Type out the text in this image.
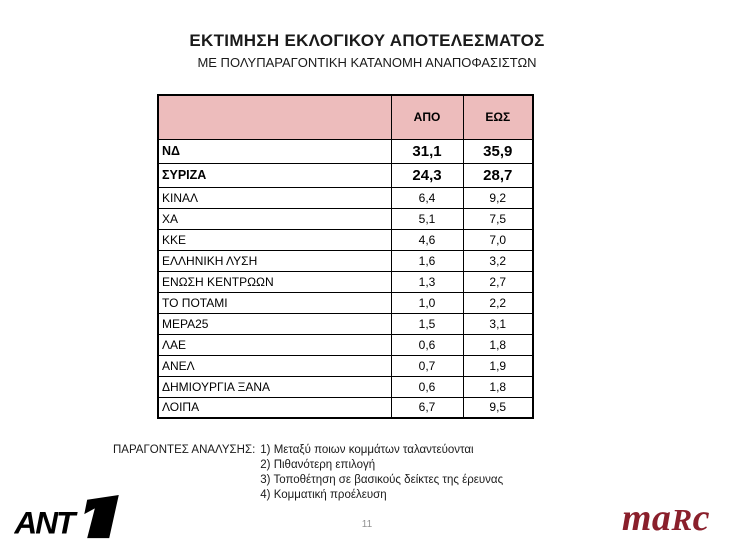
ΕΚΤΙΜΗΣΗ ΕΚΛΟΓΙΚΟΥ ΑΠΟΤΕΛΕΣΜΑΤΟΣ
ΜΕ ΠΟΛΥΠΑΡΑΓΟΝΤΙΚΗ ΚΑΤΑΝΟΜΗ ΑΝΑΠΟΦΑΣΙΣΤΩΝ
	ΑΠΟ	ΕΩΣ
ΝΔ	31,1	35,9
ΣΥΡΙΖΑ	24,3	28,7
ΚΙΝΑΛ	6,4	9,2
ΧΑ	5,1	7,5
ΚΚΕ	4,6	7,0
ΕΛΛΗΝΙΚΗ ΛΥΣΗ	1,6	3,2
ΕΝΩΣΗ ΚΕΝΤΡΩΩΝ	1,3	2,7
ΤΟ ΠΟΤΑΜΙ	1,0	2,2
ΜΕΡΑ25	1,5	3,1
ΛΑΕ	0,6	1,8
ΑΝΕΛ	0,7	1,9
ΔΗΜΙΟΥΡΓΙΑ ΞΑΝΑ	0,6	1,8
ΛΟΙΠΑ	6,7	9,5
ΠΑΡΑΓΟΝΤΕΣ ΑΝΑΛΥΣΗΣ: 1) Μεταξύ ποιων κομμάτων ταλαντεύονται
2) Πιθανότερη επιλογή
3) Τοποθέτηση σε βασικούς δείκτες της έρευνας
4) Κομματική προέλευση
ANT	maRc
11
